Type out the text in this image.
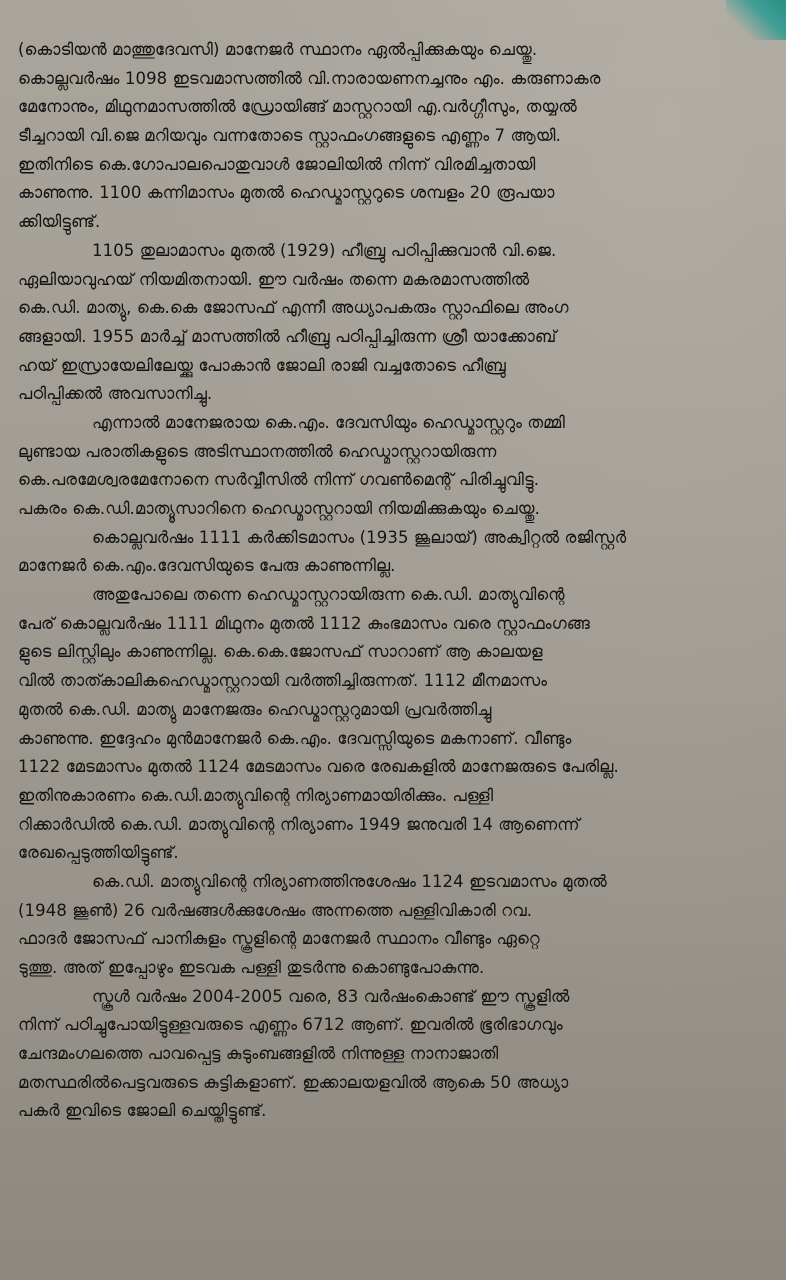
(കൊടിയൻ മാത്തുദേവസി) മാനേജർ സ്ഥാനം ഏൽപ്പിക്കുകയും ചെയ്തു.
കൊല്ലവർഷം 1098 ഇടവമാസത്തിൽ വി.നാരായണനച്ചനും എം. കരുണാകര
മേനോനും, മിഥുനമാസത്തിൽ ഡ്രോയിങ്ങ് മാസ്റ്ററായി എ.വർഗ്ഗീസും, തയ്യൽ
ടീച്ചറായി വി.ജെ മറിയവും വന്നതോടെ സ്റ്റാഫംഗങ്ങളുടെ എണ്ണം 7 ആയി.
ഇതിനിടെ കെ.ഗോപാലപൊതുവാൾ ജോലിയിൽ നിന്ന് വിരമിച്ചതായി
കാണുന്നു. 1100 കന്നിമാസം മുതൽ ഹെഡ്മാസ്റ്ററുടെ ശമ്പളം 20 രൂപയാ
ക്കിയിട്ടുണ്ട്.
1105 തുലാമാസം മുതൽ (1929) ഹീബ്രു പഠിപ്പിക്കുവാൻ വി.ജെ.
ഏലിയാവുഹയ് നിയമിതനായി. ഈ വർഷം തന്നെ മകരമാസത്തിൽ
കെ.ഡി. മാത്യു, കെ.കെ ജോസഫ് എന്നീ അധ്യാപകരും സ്റ്റാഫിലെ അംഗ
ങ്ങളായി. 1955 മാർച്ച് മാസത്തിൽ ഹീബ്രു പഠിപ്പിച്ചിരുന്ന ശ്രീ യാക്കോബ്
ഹയ് ഇസ്രായേലിലേയ്ക്കു പോകാൻ ജോലി രാജി വച്ചതോടെ ഹീബ്രു
പഠിപ്പിക്കൽ അവസാനിച്ചു.
എന്നാൽ മാനേജരായ കെ.എം. ദേവസിയും ഹെഡ്മാസ്റ്ററും തമ്മി
ലുണ്ടായ പരാതികളുടെ അടിസ്ഥാനത്തിൽ ഹെഡ്മാസ്റ്ററായിരുന്ന
കെ.പരമേശ്വരമേനോനെ സർവ്വീസിൽ നിന്ന് ഗവൺമെന്റ് പിരിച്ചുവിട്ടു.
പകരം കെ.ഡി.മാത്യൂസാറിനെ ഹെഡ്മാസ്റ്ററായി നിയമിക്കുകയും ചെയ്തു.
കൊല്ലവർഷം 1111 കർക്കിടമാസം (1935 ജൂലായ്) അക്വിറ്റൽ രജിസ്റ്റർ
മാനേജർ കെ.എം.ദേവസിയുടെ പേരു കാണുന്നില്ല.
അതുപോലെ തന്നെ ഹെഡ്മാസ്റ്ററായിരുന്ന കെ.ഡി. മാത്യുവിന്റെ
പേര് കൊല്ലവർഷം 1111 മിഥുനം മുതൽ 1112 കുംഭമാസം വരെ സ്റ്റാഫംഗങ്ങ
ളുടെ ലിസ്റ്റിലും കാണുന്നില്ല. കെ.കെ.ജോസഫ് സാറാണ് ആ കാലയള
വിൽ താത്കാലികഹെഡ്മാസ്റ്ററായി വർത്തിച്ചിരുന്നത്. 1112 മീനമാസം
മുതൽ കെ.ഡി. മാത്യു മാനേജരും ഹെഡ്മാസ്റ്ററുമായി പ്രവർത്തിച്ചു
കാണുന്നു. ഇദ്ദേഹം മുൻമാനേജർ കെ.എം. ദേവസ്സിയുടെ മകനാണ്. വീണ്ടും
1122 മേടമാസം മുതൽ 1124 മേടമാസം വരെ രേഖകളിൽ മാനേജരുടെ പേരില്ല.
ഇതിനുകാരണം കെ.ഡി.മാത്യുവിന്റെ നിര്യാണമായിരിക്കും. പള്ളി
റിക്കാർഡിൽ കെ.ഡി. മാത്യുവിന്റെ നിര്യാണം 1949 ജനുവരി 14 ആണെന്ന്
രേഖപ്പെടുത്തിയിട്ടുണ്ട്.
കെ.ഡി. മാത്യുവിന്റെ നിര്യാണത്തിനുശേഷം 1124 ഇടവമാസം മുതൽ
(1948 ജൂൺ) 26 വർഷങ്ങൾക്കുശേഷം അന്നത്തെ പള്ളിവികാരി റവ.
ഫാദർ ജോസഫ് പാനികുളം സ്കൂളിന്റെ മാനേജർ സ്ഥാനം വീണ്ടും ഏറ്റെ
ടുത്തു. അത് ഇപ്പോഴും ഇടവക പള്ളി തുടർന്നു കൊണ്ടുപോകുന്നു.
സ്കൂൾ വർഷം 2004-2005 വരെ, 83 വർഷംകൊണ്ട് ഈ സ്കൂളിൽ
നിന്ന് പഠിച്ചുപോയിട്ടുള്ളവരുടെ എണ്ണം 6712 ആണ്. ഇവരിൽ ഭൂരിഭാഗവും
ചേന്ദമംഗലത്തെ പാവപ്പെട്ട കുടുംബങ്ങളിൽ നിന്നുള്ള നാനാജാതി
മതസ്ഥരിൽപെട്ടവരുടെ കുട്ടികളാണ്. ഇക്കാലയളവിൽ ആകെ 50 അധ്യാ
പകർ ഇവിടെ ജോലി ചെയ്തിട്ടുണ്ട്.
